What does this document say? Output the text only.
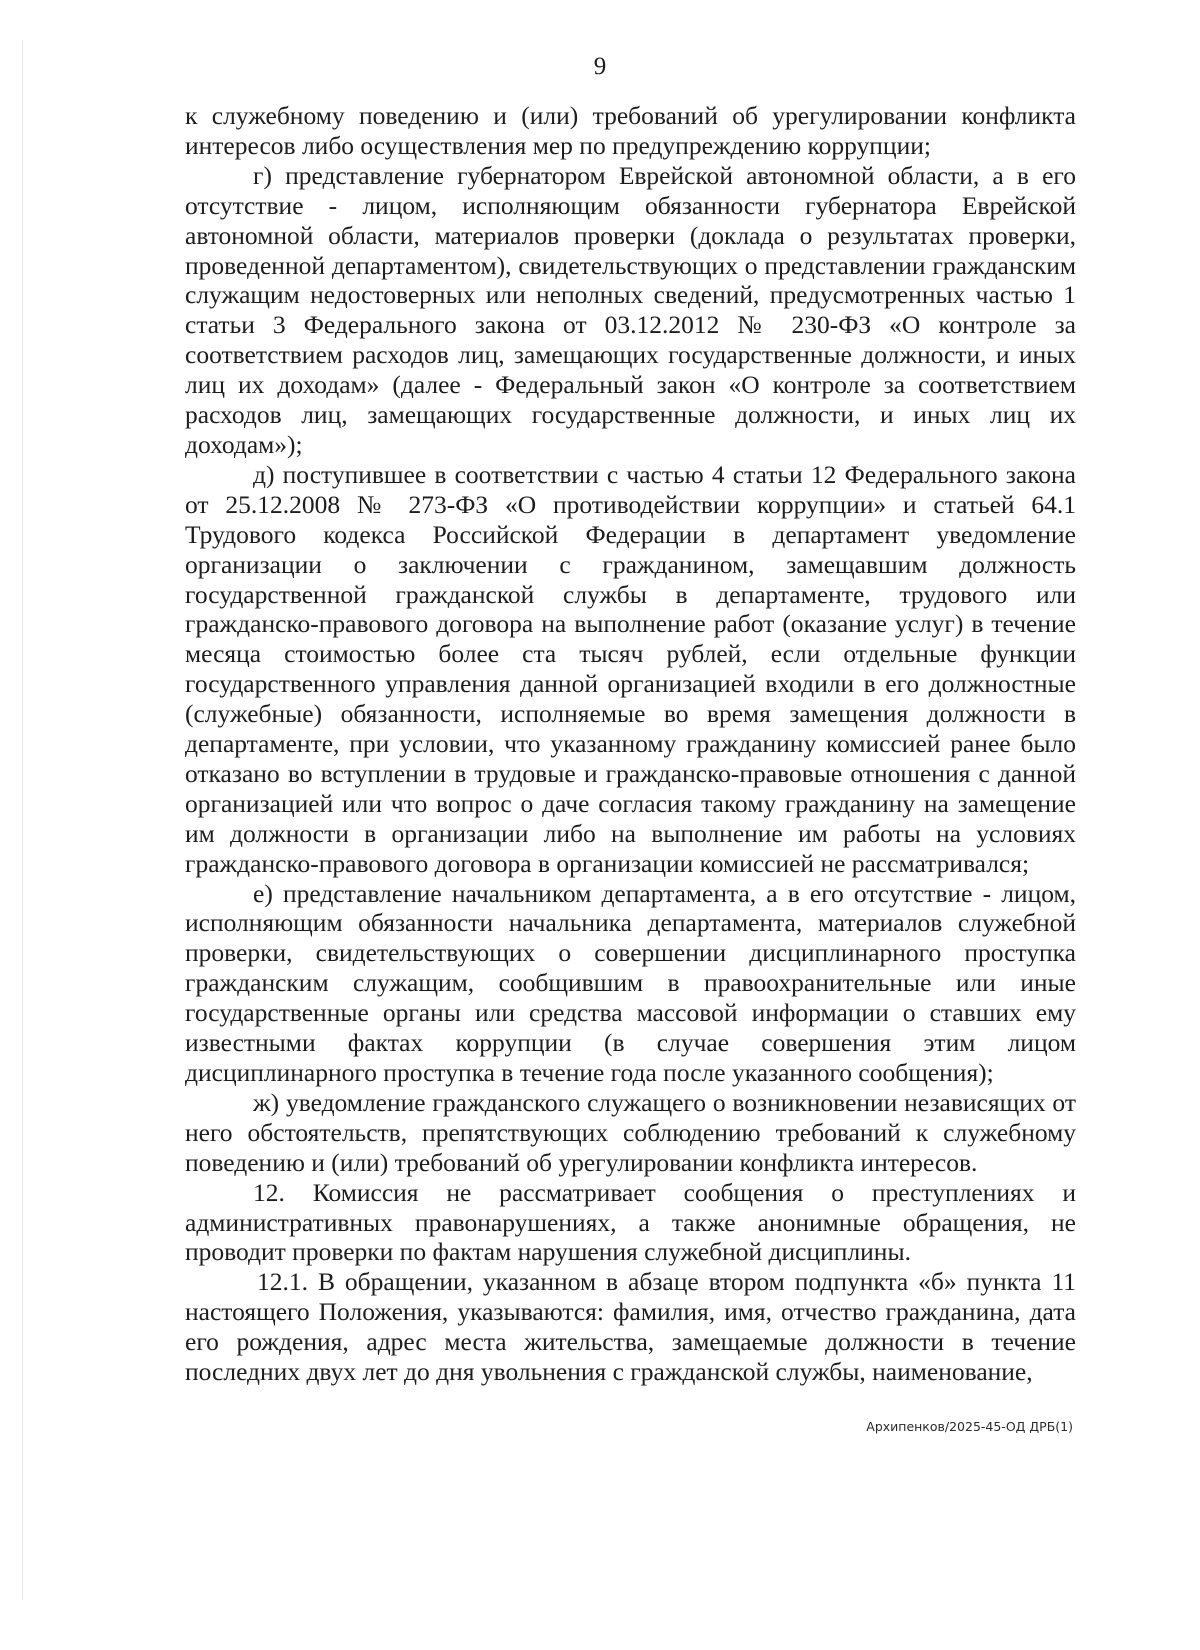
9

к служебному поведению и (или) требований об урегулировании конфликта интересов либо осуществления мер по предупреждению коррупции;

г) представление губернатором Еврейской автономной области, а в его отсутствие - лицом, исполняющим обязанности губернатора Еврейской автономной области, материалов проверки (доклада о результатах проверки, проведенной департаментом), свидетельствующих о представлении гражданским служащим недостоверных или неполных сведений, предусмотренных частью 1 статьи 3 Федерального закона от 03.12.2012 № 230-ФЗ «О контроле за соответствием расходов лиц, замещающих государственные должности, и иных лиц их доходам» (далее - Федеральный закон «О контроле за соответствием расходов лиц, замещающих государственные должности, и иных лиц их доходам»);

д) поступившее в соответствии с частью 4 статьи 12 Федерального закона от 25.12.2008 № 273-ФЗ «О противодействии коррупции» и статьей 64.1 Трудового кодекса Российской Федерации в департамент уведомление организации о заключении с гражданином, замещавшим должность государственной гражданской службы в департаменте, трудового или гражданско-правового договора на выполнение работ (оказание услуг) в течение месяца стоимостью более ста тысяч рублей, если отдельные функции государственного управления данной организацией входили в его должностные (служебные) обязанности, исполняемые во время замещения должности в департаменте, при условии, что указанному гражданину комиссией ранее было отказано во вступлении в трудовые и гражданско-правовые отношения с данной организацией или что вопрос о даче согласия такому гражданину на замещение им должности в организации либо на выполнение им работы на условиях гражданско-правового договора в организации комиссией не рассматривался;

е) представление начальником департамента, а в его отсутствие - лицом, исполняющим обязанности начальника департамента, материалов служебной проверки, свидетельствующих о совершении дисциплинарного проступка гражданским служащим, сообщившим в правоохранительные или иные государственные органы или средства массовой информации о ставших ему известными фактах коррупции (в случае совершения этим лицом дисциплинарного проступка в течение года после указанного сообщения);

ж) уведомление гражданского служащего о возникновении независящих от него обстоятельств, препятствующих соблюдению требований к служебному поведению и (или) требований об урегулировании конфликта интересов.

12. Комиссия не рассматривает сообщения о преступлениях и административных правонарушениях, а также анонимные обращения, не проводит проверки по фактам нарушения служебной дисциплины.

12.1. В обращении, указанном в абзаце втором подпункта «б» пункта 11 настоящего Положения, указываются: фамилия, имя, отчество гражданина, дата его рождения, адрес места жительства, замещаемые должности в течение последних двух лет до дня увольнения с гражданской службы, наименование,

Архипенков/2025-45-ОД ДРБ(1)
